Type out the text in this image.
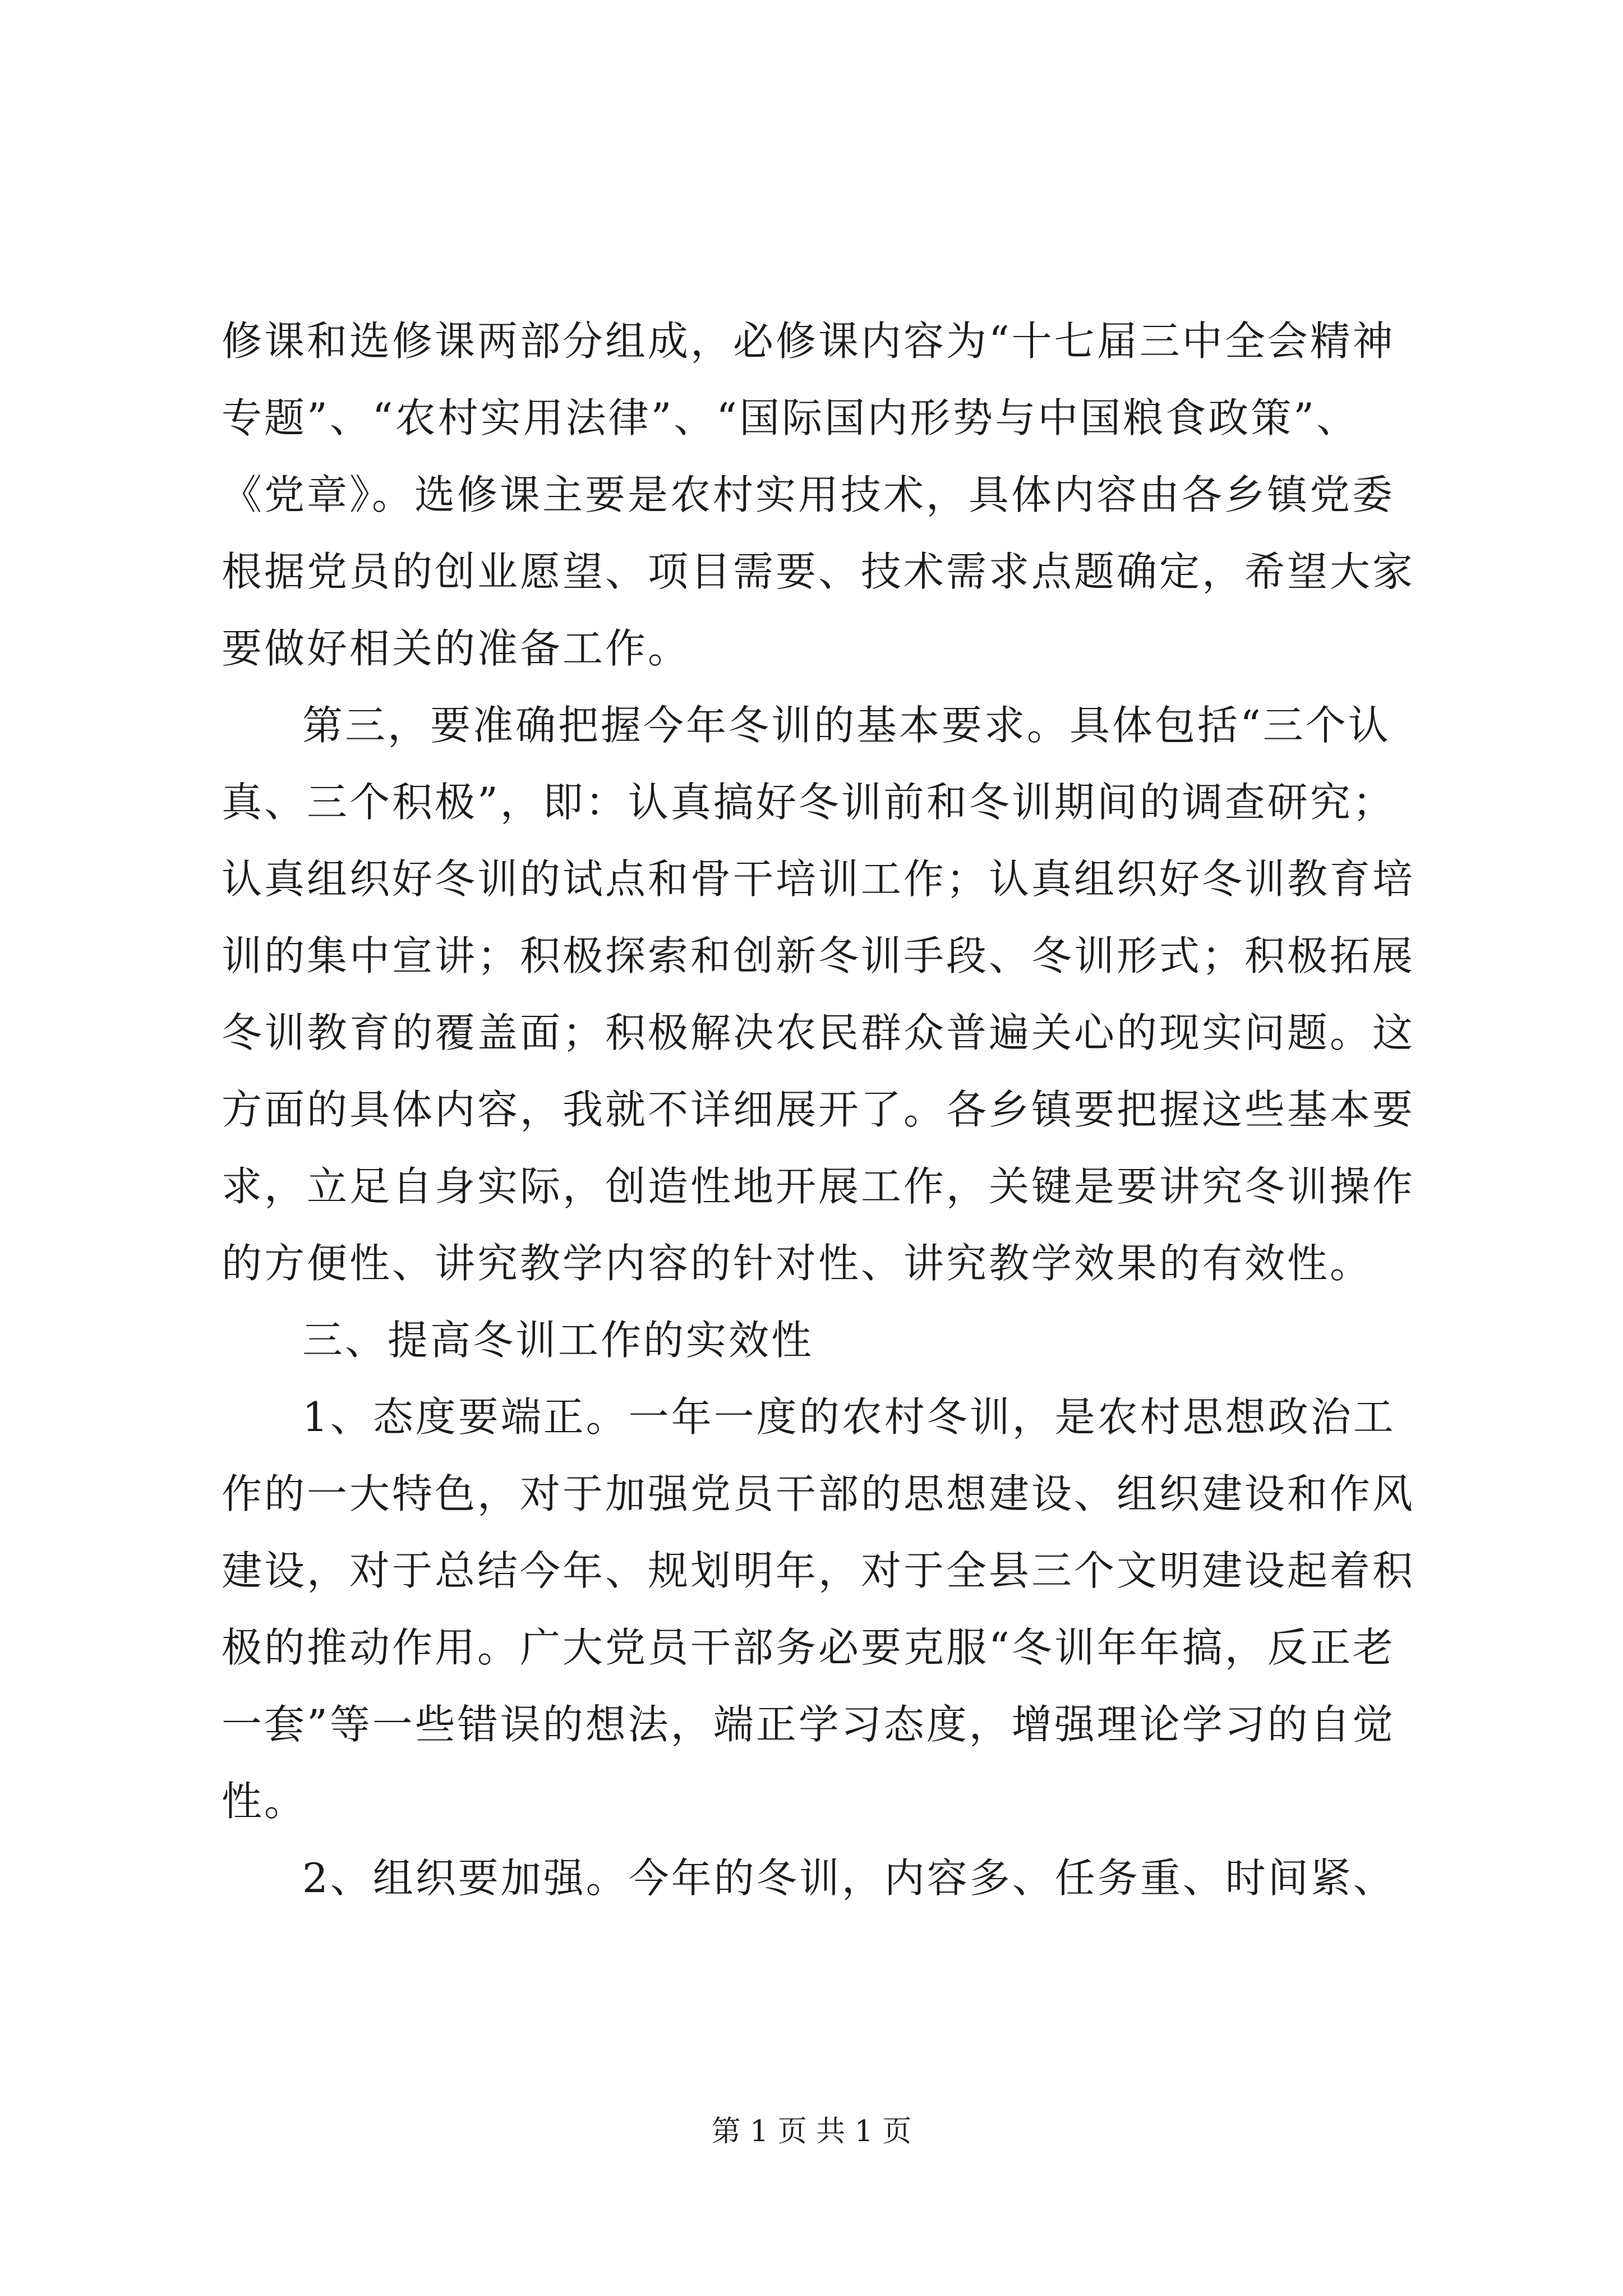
修课和选修课两部分组成，必修课内容为“十七届三中全会精神
专题”、“农村实用法律”、“国际国内形势与中国粮食政策”、
《党章》。选修课主要是农村实用技术，具体内容由各乡镇党委
根据党员的创业愿望、项目需要、技术需求点题确定，希望大家
要做好相关的准备工作。
第三，要准确把握今年冬训的基本要求。具体包括“三个认
真、三个积极”，即：认真搞好冬训前和冬训期间的调查研究；
认真组织好冬训的试点和骨干培训工作；认真组织好冬训教育培
训的集中宣讲；积极探索和创新冬训手段、冬训形式；积极拓展
冬训教育的覆盖面；积极解决农民群众普遍关心的现实问题。这
方面的具体内容，我就不详细展开了。各乡镇要把握这些基本要
求，立足自身实际，创造性地开展工作，关键是要讲究冬训操作
的方便性、讲究教学内容的针对性、讲究教学效果的有效性。
三、提高冬训工作的实效性
1、态度要端正。一年一度的农村冬训，是农村思想政治工
作的一大特色，对于加强党员干部的思想建设、组织建设和作风
建设，对于总结今年、规划明年，对于全县三个文明建设起着积
极的推动作用。广大党员干部务必要克服“冬训年年搞，反正老
一套”等一些错误的想法，端正学习态度，增强理论学习的自觉
性。
2、组织要加强。今年的冬训，内容多、任务重、时间紧、
第 1 页 共 1 页
